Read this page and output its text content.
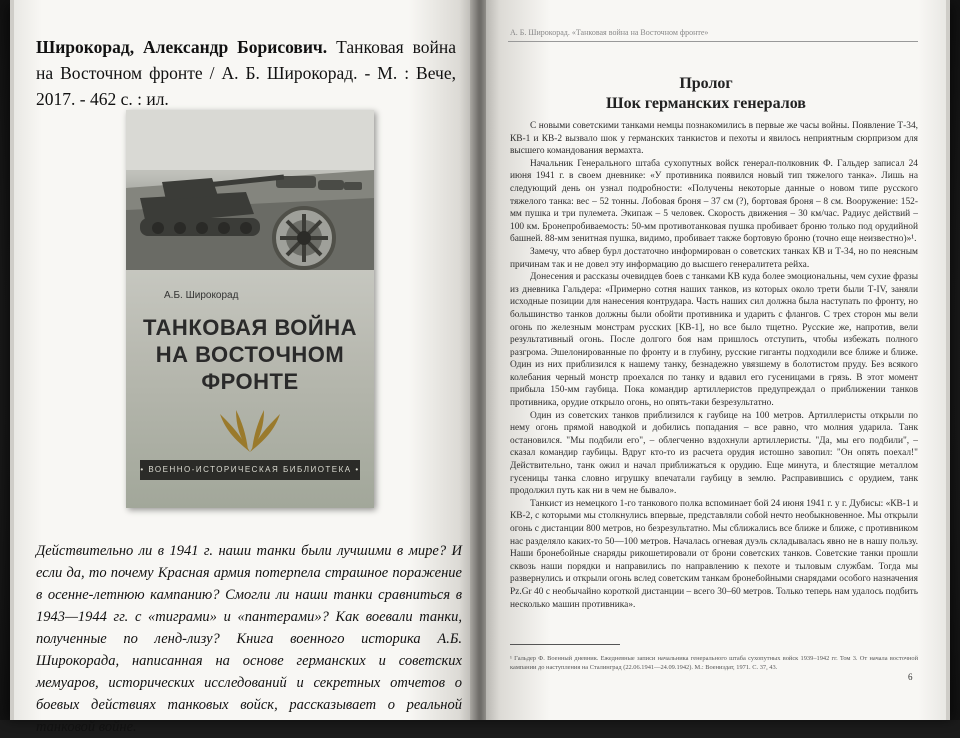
Широкорад, Александр Борисович. Танковая война на Восточном фронте / А. Б. Широкорад. - М. : Вече, 2017. - 462 с. : ил.

А.Б. Широкорад
ТАНКОВАЯ ВОЙНА
НА ВОСТОЧНОМ
ФРОНТЕ
• ВОЕННО-ИСТОРИЧЕСКАЯ БИБЛИОТЕКА •

Действительно ли в 1941 г. наши танки были лучшими в мире? И если да, то почему Красная армия потерпела страшное поражение в осенне-летнюю кампанию? Смогли ли наши танки сравниться в 1943—1944 гг. с «тиграми» и «пантерами»? Как воевали танки, полученные по ленд-лизу? Книга военного историка А.Б. Широкорада, написанная на основе германских и советских мемуаров, исторических исследований и секретных отчетов о боевых действиях танковых войск, рассказывает о реальной танковой войне.

А. Б. Широкорад. «Танковая война на Восточном фронте»
Пролог
Шок германских генералов

С новыми советскими танками немцы познакомились в первые же часы войны. Появление Т-34, КВ-1 и КВ-2 вызвало шок у германских танкистов и пехоты и явилось неприятным сюрпризом для высшего командования вермахта.

Начальник Генерального штаба сухопутных войск генерал-полковник Ф. Гальдер записал 24 июня 1941 г. в своем дневнике: «У противника появился новый тип тяжелого танка». Лишь на следующий день он узнал подробности: «Получены некоторые данные о новом типе русского тяжелого танка: вес – 52 тонны. Лобовая броня – 37 см (?), бортовая броня – 8 см. Вооружение: 152-мм пушка и три пулемета. Экипаж – 5 человек. Скорость движения – 30 км/час. Радиус действий – 100 км. Бронепробиваемость: 50-мм противотанковая пушка пробивает броню только под орудийной башней. 88-мм зенитная пушка, видимо, пробивает также бортовую броню (точно еще неизвестно)»¹.

Замечу, что абвер бурл достаточно информирован о советских танках КВ и Т-34, но по неясным причинам так и не довел эту информацию до высшего генералитета рейха.

Донесения и рассказы очевидцев боев с танками КВ куда более эмоциональны, чем сухие фразы из дневника Гальдера: «Примерно сотня наших танков, из которых около трети были Т-IV, заняли исходные позиции для нанесения контрудара. Часть наших сил должна была наступать по фронту, но большинство танков должны были обойти противника и ударить с флангов. С трех сторон мы вели огонь по железным монстрам русских [КВ-1], но все было тщетно. Русские же, напротив, вели результативный огонь. После долгого боя нам пришлось отступить, чтобы избежать полного разгрома. Эшелонированные по фронту и в глубину, русские гиганты подходили все ближе и ближе. Один из них приблизился к нашему танку, безнадежно увязшему в болотистом пруду. Без всякого колебания черный монстр проехался по танку и вдавил его гусеницами в грязь. В этот момент прибыла 150-мм гаубица. Пока командир артиллеристов предупреждал о приближении танков противника, орудие открыло огонь, но опять-таки безрезультатно.

Один из советских танков приблизился к гаубице на 100 метров. Артиллеристы открыли по нему огонь прямой наводкой и добились попадания – все равно, что молния ударила. Танк остановился. "Мы подбили его", – облегченно вздохнули артиллеристы. "Да, мы его подбили", – сказал командир гаубицы. Вдруг кто-то из расчета орудия истошно завопил: "Он опять поехал!" Действительно, танк ожил и начал приближаться к орудию. Еще минута, и блестящие металлом гусеницы танка словно игрушку впечатали гаубицу в землю. Расправившись с орудием, танк продолжил путь как ни в чем не бывало».

Танкист из немецкого 1-го танкового полка вспоминает бой 24 июня 1941 г. у г. Дубисы: «КВ-1 и КВ-2, с которыми мы столкнулись впервые, представляли собой нечто необыкновенное. Мы открыли огонь с дистанции 800 метров, но безрезультатно. Мы сближались все ближе и ближе, с противником нас разделяло каких-то 50—100 метров. Началась огневая дуэль складывалась явно не в нашу пользу. Наши бронебойные снаряды рикошетировали от брони советских танков. Советские танки прошли сквозь наши порядки и направились по направлению к пехоте и тыловым службам. Тогда мы развернулись и открыли огонь вслед советским танкам бронебойными снарядами особого назначения Pz.Gr 40 с необычайно короткой дистанции – всего 30–60 метров. Только теперь нам удалось подбить несколько машин противника».

¹ Гальдер Ф. Военный дневник. Ежедневные записи начальника генерального штаба сухопутных войск 1939–1942 гг. Том 3. От начала восточной кампании до наступления на Сталинград (22.06.1941—24.09.1942). М.: Воениздат, 1971. С. 37, 43.

6
